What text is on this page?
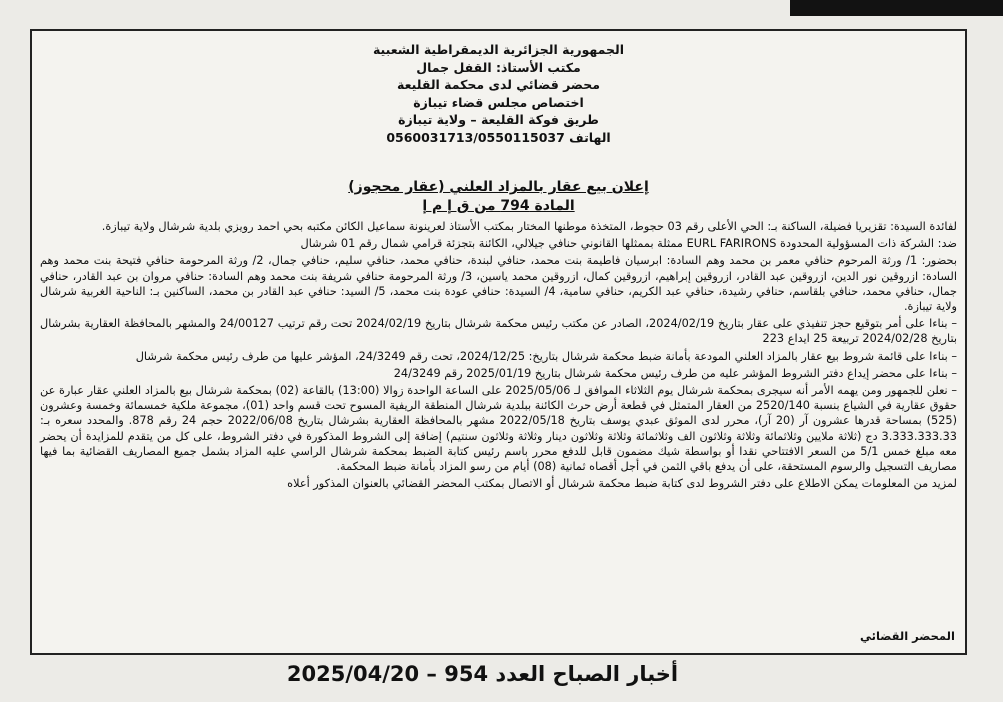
الجمهورية الجزائرية الديمقراطية الشعبية
مكتب الأستاذ: القفل جمال
محضر قضائي لدى محكمة القليعة
اختصاص مجلس قضاء تيبازة
طريق فوكة القليعة – ولاية تيبازة
الهاتف 0560031713/0550115037
إعلان بيع عقار بالمزاد العلني (عقار محجوز)
المادة 794 من ق إ م إ

لفائدة السيدة: تقزيريا فضيلة، الساكنة بـ: الحي الأعلى رقم 03 حجوط، المتخذة موطنها المختار بمكتب الأستاذ لعرينونة سماعيل الكائن مكتبه بحي احمد رويزي بلدية شرشال ولاية تيبازة.

ضد: الشركة ذات المسؤولية المحدودة EURL FARIRONS ممثلة بممثلها القانوني حنافي جيلالي، الكائنة بتجزئة قرامي شمال رقم 01 شرشال

بحضور: 1/ ورثة المرحوم حنافي معمر بن محمد وهم السادة: ابرسيان فاطيمة بنت محمد، حنافي لبندة، حنافي محمد، حنافي سليم، حنافي جمال، 2/ ورثة المرحومة حنافي فتيحة بنت محمد وهم السادة: ازروقين نور الدين، ازروقين عبد القادر، ازروقين إبراهيم، ازروقين كمال، ازروقين محمد ياسين، 3/ ورثة المرحومة حنافي شريفة بنت محمد وهم السادة: حنافي مروان بن عبد القادر، حنافي جمال، حنافي محمد، حنافي بلقاسم، حنافي رشيدة، حنافي عبد الكريم، حنافي سامية، 4/ السيدة: حنافي عودة بنت محمد، 5/ السيد: حنافي عبد القادر بن محمد، الساكنين بـ: الناحية الغربية شرشال ولاية تيبازة.

– بناءا على أمر بتوقيع حجز تنفيذي على عقار بتاريخ 2024/02/19، الصادر عن مكتب رئيس محكمة شرشال بتاريخ 2024/02/19 تحت رقم ترتيب 24/00127 والمشهر بالمحافظة العقارية بشرشال بتاريخ 2024/02/28 تربيعة 25 ايداع 223

– بناءا على قائمة شروط بيع عقار بالمزاد العلني المودعة بأمانة ضبط محكمة شرشال بتاريخ: 2024/12/25، تحت رقم 24/3249، المؤشر عليها من طرف رئيس محكمة شرشال

– بناءا على محضر إيداع دفتر الشروط المؤشر عليه من طرف رئيس محكمة شرشال بتاريخ 2025/01/19 رقم 24/3249

– نعلن للجمهور ومن يهمه الأمر أنه سيجرى بمحكمة شرشال يوم الثلاثاء الموافق لـ 2025/05/06 على الساعة الواحدة زوالا (13:00) بالقاعة (02) بمحكمة شرشال بيع بالمزاد العلني عقار عبارة عن حقوق عقارية في الشياع بنسبة 2520/140 من العقار المتمثل في قطعة أرض حرث الكائنة ببلدية شرشال المنطقة الريفية المسوح تحت قسم واحد (01)، مجموعة ملكية خمسمائة وخمسة وعشرون (525) بمساحة قدرها عشرون آر (20 آر)، محرر لدى الموثق عبدي يوسف بتاريخ 2022/05/18 مشهر بالمحافظة العقارية بشرشال بتاريخ 2022/06/08 حجم 24 رقم 878. والمحدد سعره بـ: 3.333.333.33 دج (ثلاثة ملايين وثلاثمائة وثلاثة وثلاثون الف وثلاثمائة وثلاثة وثلاثون دينار وثلاثة وثلاثون سنتيم) إضافة إلى الشروط المذكورة في دفتر الشروط، على كل من يتقدم للمزايدة أن يحضر معه مبلغ خمس 5/1 من السعر الافتتاحي نقدا أو بواسطة شيك مضمون قابل للدفع محرر باسم رئيس كتابة الضبط بمحكمة شرشال الراسي عليه المزاد بشمل جميع المصاريف القضائية بما فيها مصاريف التسجيل والرسوم المستحقة، على أن يدفع باقي الثمن في أجل أقصاه ثمانية (08) أيام من رسو المزاد بأمانة ضبط المحكمة.

لمزيد من المعلومات يمكن الاطلاع على دفتر الشروط لدى كتابة ضبط محكمة شرشال أو الاتصال بمكتب المحضر القضائي بالعنوان المذكور أعلاه

المحضر القضائي
أخبار الصباح العدد 954 – 2025/04/20
